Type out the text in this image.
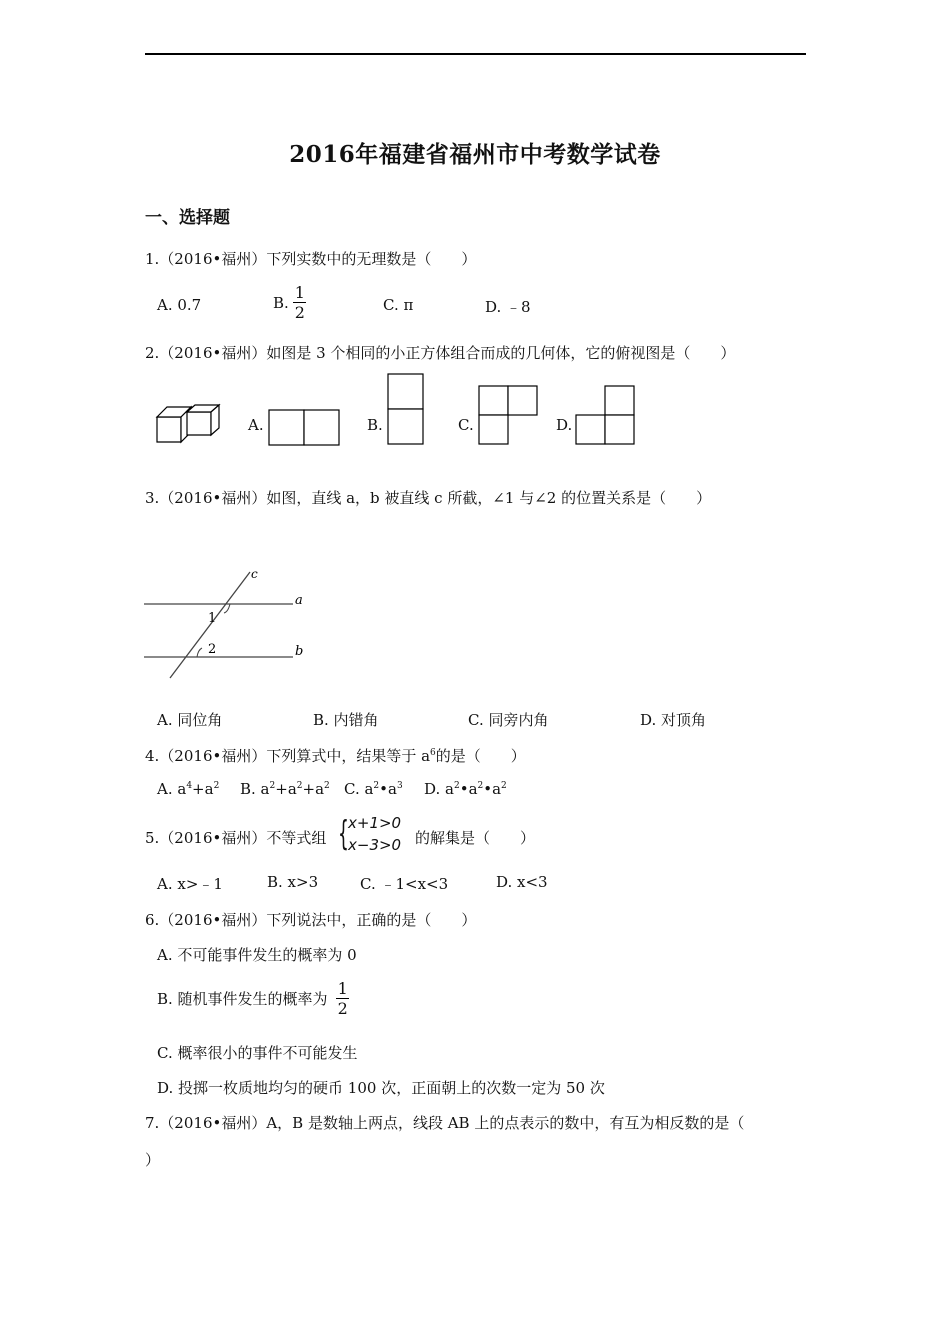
2016年福建省福州市中考数学试卷
一、选择题
1.（2016•福州）下列实数中的无理数是（　　）
A. 0.7	B. $\frac{1}{2}$	C. π	D. ﹣8
2.（2016•福州）如图是 3 个相同的小正方体组合而成的几何体，它的俯视图是（　　）
A.	B.	C.	D.
3.（2016•福州）如图，直线 a，b 被直线 c 所截，∠1 与∠2 的位置关系是（　　）
c
a
b
1
2
A. 同位角	B. 内错角	C. 同旁内角	D. 对顶角
4.（2016•福州）下列算式中，结果等于 $a^6$的是（　　）
A. $a^4+a^2$ B. $a^2+a^2+a^2$ C. $a^2•a^3$ D. $a^2•a^2•a^2$
5.（2016•福州）不等式组 { x+1>0
x−3>0 的解集是（　　）
A. x>﹣1	B. x>3	C. ﹣1<x<3	D. x<3
6.（2016•福州）下列说法中，正确的是（　　）
A. 不可能事件发生的概率为 0
B. 随机事件发生的概率为 $\frac{1}{2}$
C. 概率很小的事件不可能发生
D. 投掷一枚质地均匀的硬币 100 次，正面朝上的次数一定为 50 次
7.（2016•福州）A，B 是数轴上两点，线段 AB 上的点表示的数中，有互为相反数的是（
）
